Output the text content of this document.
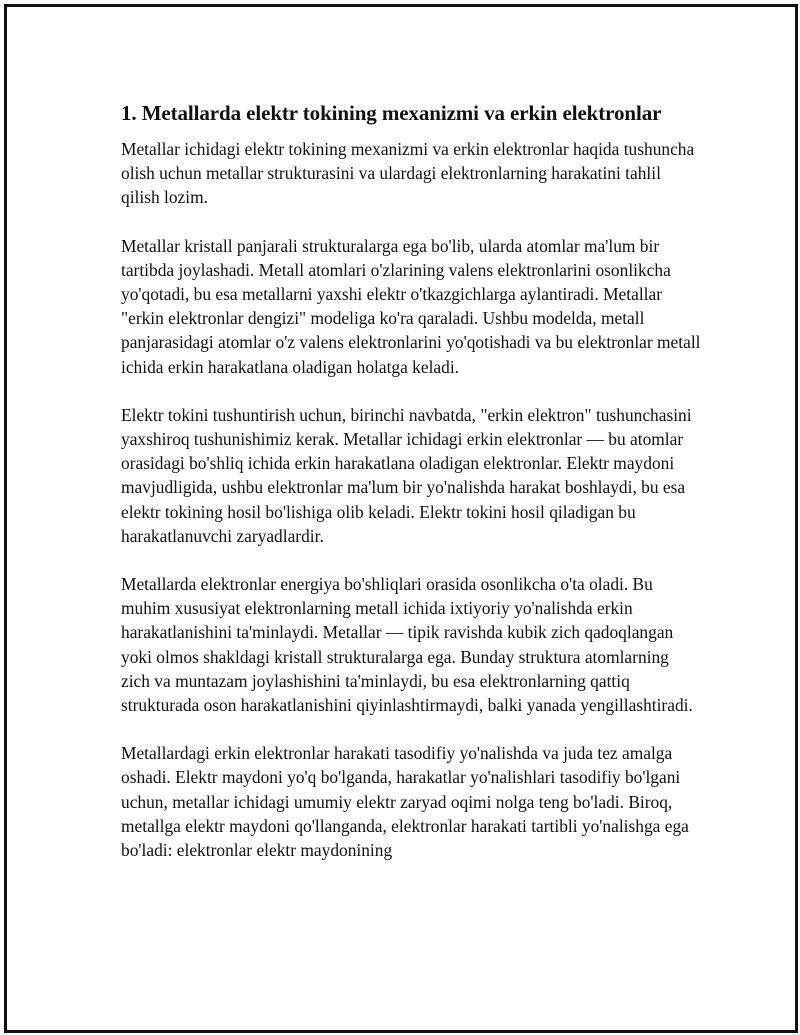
1. Metallarda elektr tokining mexanizmi va erkin elektronlar

Metallar ichidagi elektr tokining mexanizmi va erkin elektronlar haqida tushuncha olish uchun metallar strukturasini va ulardagi elektronlarning harakatini tahlil qilish lozim.

Metallar kristall panjarali strukturalarga ega bo'lib, ularda atomlar ma'lum bir tartibda joylashadi. Metall atomlari o'zlarining valens elektronlarini osonlikcha yo'qotadi, bu esa metallarni yaxshi elektr o'tkazgichlarga aylantiradi. Metallar "erkin elektronlar dengizi" modeliga ko'ra qaraladi. Ushbu modelda, metall panjarasidagi atomlar o'z valens elektronlarini yo'qotishadi va bu elektronlar metall ichida erkin harakatlana oladigan holatga keladi.

Elektr tokini tushuntirish uchun, birinchi navbatda, "erkin elektron" tushunchasini yaxshiroq tushunishimiz kerak. Metallar ichidagi erkin elektronlar — bu atomlar orasidagi bo'shliq ichida erkin harakatlana oladigan elektronlar. Elektr maydoni mavjudligida, ushbu elektronlar ma'lum bir yo'nalishda harakat boshlaydi, bu esa elektr tokining hosil bo'lishiga olib keladi. Elektr tokini hosil qiladigan bu harakatlanuvchi zaryadlardir.

Metallarda elektronlar energiya bo'shliqlari orasida osonlikcha o'ta oladi. Bu muhim xususiyat elektronlarning metall ichida ixtiyoriy yo'nalishda erkin harakatlanishini ta'minlaydi. Metallar — tipik ravishda kubik zich qadoqlangan yoki olmos shakldagi kristall strukturalarga ega. Bunday struktura atomlarning zich va muntazam joylashishini ta'minlaydi, bu esa elektronlarning qattiq strukturada oson harakatlanishini qiyinlashtirmaydi, balki yanada yengillashtiradi.

Metallardagi erkin elektronlar harakati tasodifiy yo'nalishda va juda tez amalga oshadi. Elektr maydoni yo'q bo'lganda, harakatlar yo'nalishlari tasodifiy bo'lgani uchun, metallar ichidagi umumiy elektr zaryad oqimi nolga teng bo'ladi. Biroq, metallga elektr maydoni qo'llanganda, elektronlar harakati tartibli yo'nalishga ega bo'ladi: elektronlar elektr maydonining
